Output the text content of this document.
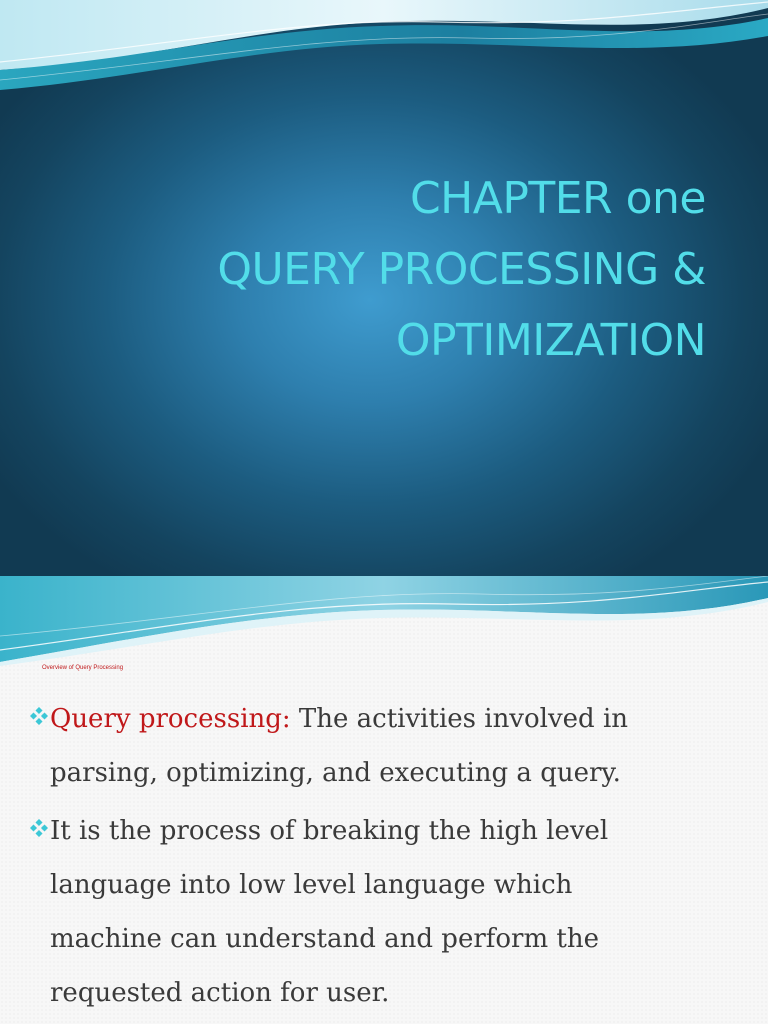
CHAPTER one
QUERY PROCESSING &
OPTIMIZATION
Overview of Query Processing
Query processing: The activities involved in
parsing, optimizing, and executing a query.
It is the process of breaking the high level
language into low level language which
machine can understand and perform the
requested action for user.
